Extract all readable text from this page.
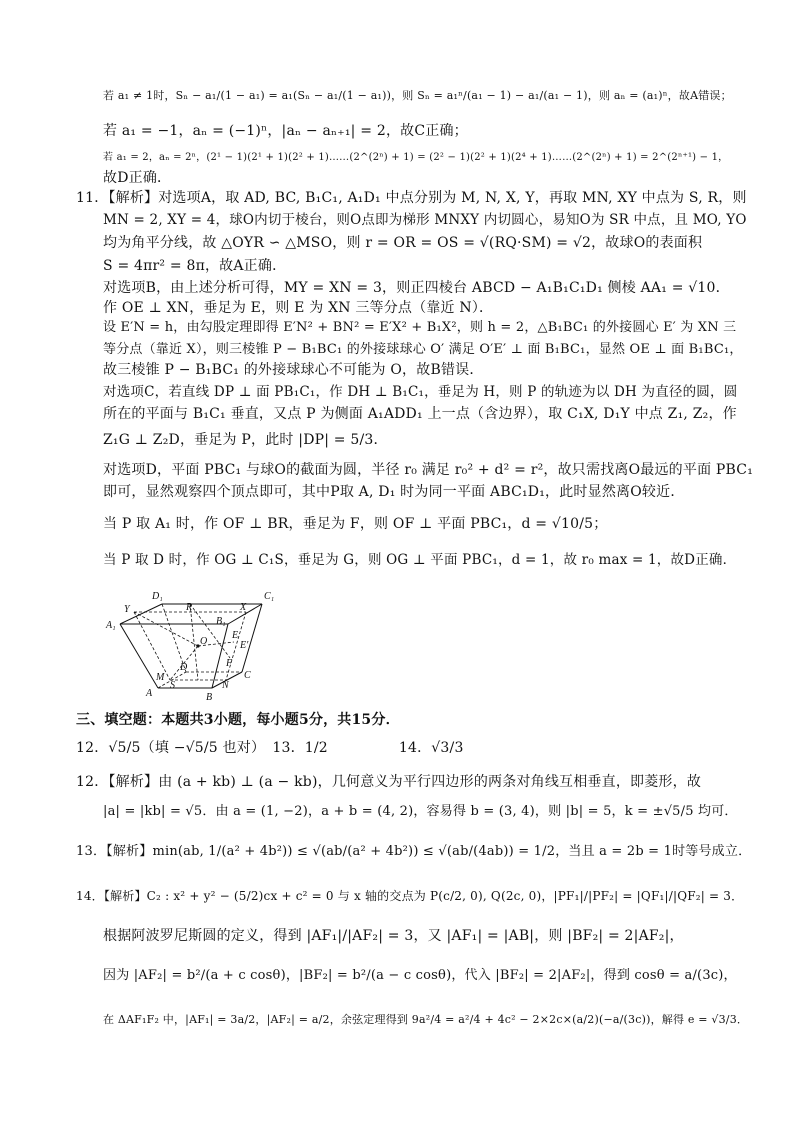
若 a₁ ≠ 1时，Sₙ − a₁/(1 − a₁) = a₁(Sₙ − a₁/(1 − a₁))，则 Sₙ = a₁ⁿ/(a₁ − 1) − a₁/(a₁ − 1)，则 aₙ = (a₁)ⁿ，故A错误；
若 a₁ = −1，aₙ = (−1)ⁿ，|aₙ − aₙ₊₁| = 2，故C正确；
若 a₁ = 2，aₙ = 2ⁿ，(2¹ − 1)(2¹ + 1)(2² + 1)……(2^(2ⁿ) + 1) = (2² − 1)(2² + 1)(2⁴ + 1)……(2^(2ⁿ) + 1) = 2^(2ⁿ⁺¹) − 1，
故D正确．
11．【解析】对选项A，取 AD, BC, B₁C₁, A₁D₁ 中点分别为 M, N, X, Y，再取 MN, XY 中点为 S, R，则
MN = 2, XY = 4，球O内切于棱台，则O点即为梯形 MNXY 内切圆心，易知O为 SR 中点，且 MO, YO
均为角平分线，故 △OYR ∽ △MSO，则 r = OR = OS = √(RQ·SM) = √2，故球O的表面积
S = 4πr² = 8π，故A正确．
对选项B，由上述分析可得，MY = XN = 3，则正四棱台 ABCD − A₁B₁C₁D₁ 侧棱 AA₁ = √10．
作 OE ⊥ XN，垂足为 E，则 E 为 XN 三等分点（靠近 N）．
设 E′N = h，由勾股定理即得 E′N² + BN² = E′X² + B₁X²，则 h = 2，△B₁BC₁ 的外接圆心 E′ 为 XN 三
等分点（靠近 X），则三棱锥 P − B₁BC₁ 的外接球球心 O′ 满足 O′E′ ⊥ 面 B₁BC₁，显然 OE ⊥ 面 B₁BC₁，
故三棱锥 P − B₁BC₁ 的外接球球心不可能为 O，故B错误．
对选项C，若直线 DP ⊥ 面 PB₁C₁，作 DH ⊥ B₁C₁，垂足为 H，则 P 的轨迹为以 DH 为直径的圆，圆
所在的平面与 B₁C₁ 垂直，又点 P 为侧面 A₁ADD₁ 上一点（含边界），取 C₁X, D₁Y 中点 Z₁, Z₂，作
Z₁G ⊥ Z₂D，垂足为 P，此时 |DP| = 5/3．
对选项D，平面 PBC₁ 与球O的截面为圆，半径 r₀ 满足 r₀² + d² = r²，故只需找离O最远的平面 PBC₁
即可，显然观察四个顶点即可，其中P取 A, D₁ 时为同一平面 ABC₁D₁，此时显然离O较近．
当 P 取 A₁ 时，作 OF ⊥ BR，垂足为 F，则 OF ⊥ 平面 PBC₁，d = √10/5；
当 P 取 D 时，作 OG ⊥ C₁S，垂足为 G，则 OG ⊥ 平面 PBC₁，d = 1，故 r₀ max = 1，故D正确．
D₁	C₁
Y	R	X
A₁	B₁
O
E
E′
F
D
C
M
S	N
A	B
三、填空题：本题共3小题，每小题5分，共15分．
12．√5/5（填 −√5/5 也对）　13．1/2　　　　　14．√3/3
12．【解析】由 (a + kb) ⊥ (a − kb)，几何意义为平行四边形的两条对角线互相垂直，即菱形，故
|a| = |kb| = √5．由 a = (1, −2)，a + b = (4, 2)，容易得 b = (3, 4)，则 |b| = 5，k = ±√5/5 均可．
13．【解析】min(ab, 1/(a² + 4b²)) ≤ √(ab/(a² + 4b²)) ≤ √(ab/(4ab)) = 1/2，当且 a = 2b = 1时等号成立．
14．【解析】C₂ : x² + y² − (5/2)cx + c² = 0 与 x 轴的交点为 P(c/2, 0), Q(2c, 0)，|PF₁|/|PF₂| = |QF₁|/|QF₂| = 3．
根据阿波罗尼斯圆的定义，得到 |AF₁|/|AF₂| = 3，又 |AF₁| = |AB|，则 |BF₂| = 2|AF₂|，
因为 |AF₂| = b²/(a + c cosθ)，|BF₂| = b²/(a − c cosθ)，代入 |BF₂| = 2|AF₂|，得到 cosθ = a/(3c)，
在 ΔAF₁F₂ 中，|AF₁| = 3a/2，|AF₂| = a/2，余弦定理得到 9a²/4 = a²/4 + 4c² − 2×2c×(a/2)(−a/(3c))，解得 e = √3/3．
